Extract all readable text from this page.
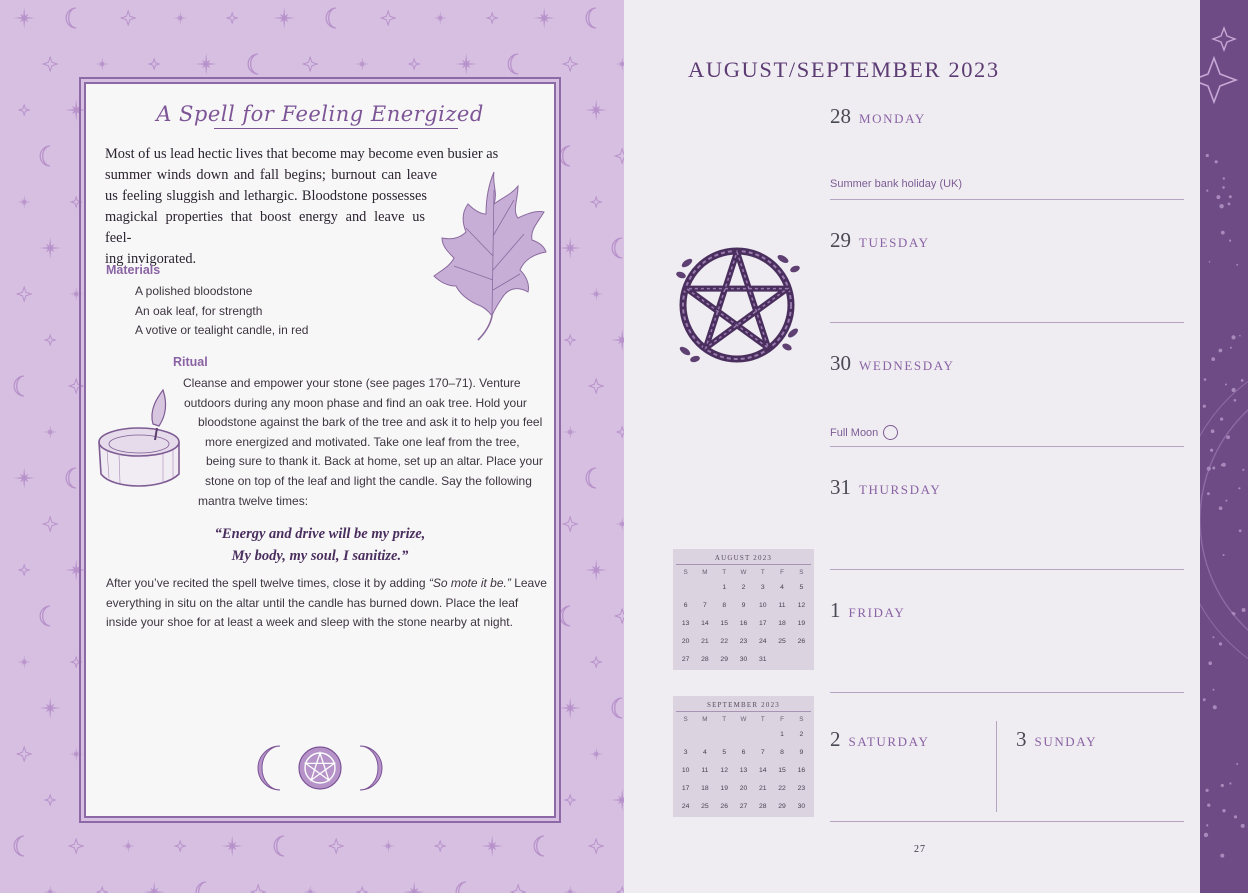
A Spell for Feeling Energized
Most of us lead hectic lives that become may become even busier as
summer winds down and fall begins; burnout can leave
us feeling sluggish and lethargic. Bloodstone possesses
magickal properties that boost energy and leave us feel-
ing invigorated.
Materials
A polished bloodstone
An oak leaf, for strength
A votive or tealight candle, in red
Ritual
Cleanse and empower your stone (see pages 170–71). Venture
outdoors during any moon phase and find an oak tree. Hold your
bloodstone against the bark of the tree and ask it to help you feel
more energized and motivated. Take one leaf from the tree,
being sure to thank it. Back at home, set up an altar. Place your
stone on top of the leaf and light the candle. Say the following
mantra twelve times:
“Energy and drive will be my prize,
My body, my soul, I sanitize.”
After you’ve recited the spell twelve times, close it by adding “So mote it be.” Leave
everything in situ on the altar until the candle has burned down. Place the leaf
inside your shoe for at least a week and sleep with the stone nearby at night.
AUGUST/SEPTEMBER 2023
28 MONDAY
Summer bank holiday (UK)
29 TUESDAY
30 WEDNESDAY
Full Moon
31 THURSDAY
1 FRIDAY
2 SATURDAY	3 SUNDAY
AUGUST 2023
S	M	T	W	T	F	S
		1	2	3	4	5
6	7	8	9	10	11	12
13	14	15	16	17	18	19
20	21	22	23	24	25	26
27	28	29	30	31		
SEPTEMBER 2023
S	M	T	W	T	F	S
					1	2
3	4	5	6	7	8	9
10	11	12	13	14	15	16
17	18	19	20	21	22	23
24	25	26	27	28	29	30
27
